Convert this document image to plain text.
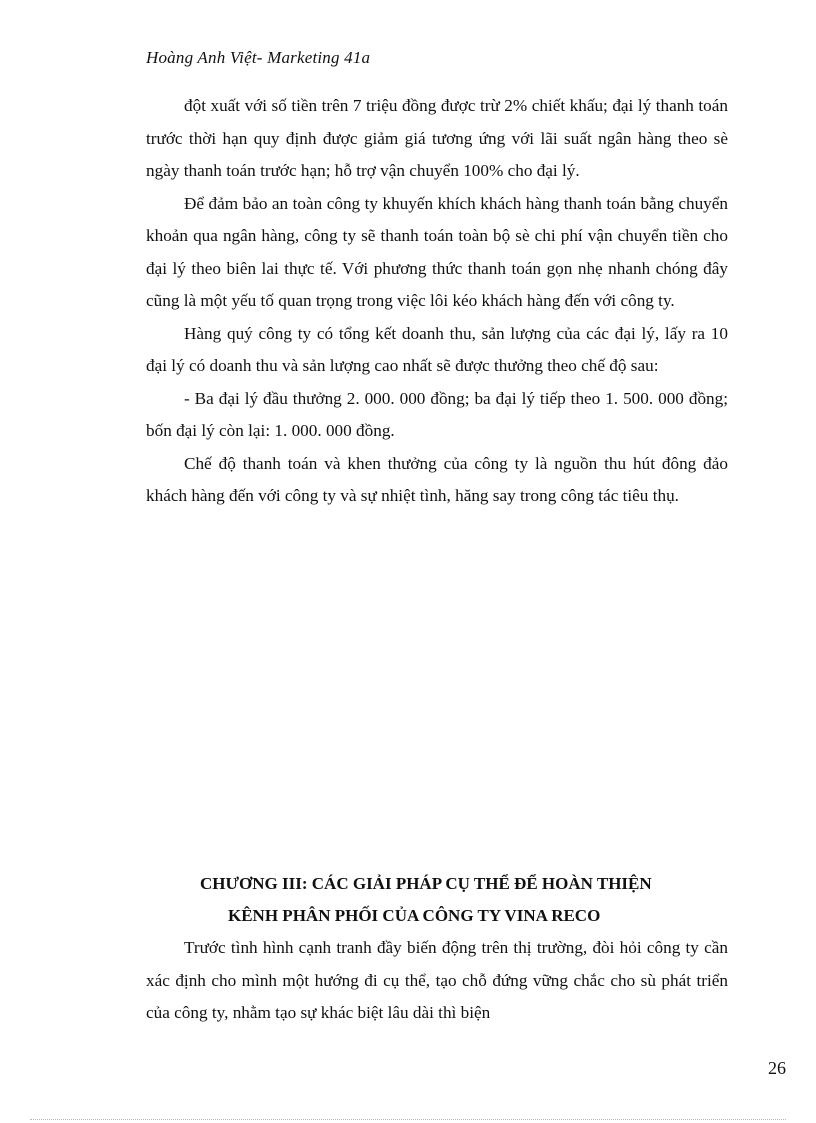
Hoàng Anh Việt- Marketing 41a

đột xuất với số tiền trên 7 triệu đồng được trừ 2% chiết khấu; đại lý thanh toán trước thời hạn quy định được giảm giá tương ứng với lãi suất ngân hàng theo sè ngày thanh toán trước hạn; hỗ trợ vận chuyển 100% cho đại lý.

Để đảm bảo an toàn công ty khuyến khích khách hàng thanh toán bằng chuyển khoản qua ngân hàng, công ty sẽ thanh toán toàn bộ sè chi phí vận chuyển tiền cho đại lý theo biên lai thực tế. Với phương thức thanh toán gọn nhẹ nhanh chóng đây cũng là một yếu tố quan trọng trong việc lôi kéo khách hàng đến với công ty.

Hàng quý công ty có tổng kết doanh thu, sản lượng của các đại lý, lấy ra 10 đại lý có doanh thu và sản lượng cao nhất sẽ được thưởng theo chế độ sau:

- Ba đại lý đầu thưởng 2. 000. 000 đồng; ba đại lý tiếp theo 1. 500. 000 đồng; bốn đại lý còn lại: 1. 000. 000 đồng.

Chế độ thanh toán và khen thưởng của công ty là nguồn thu hút đông đảo khách hàng đến với công ty và sự nhiệt tình, hăng say trong công tác tiêu thụ.

CHƯƠNG III: CÁC GIẢI PHÁP CỤ THỂ ĐỂ HOÀN THIỆN
KÊNH PHÂN PHỐI CỦA CÔNG TY VINA RECO

Trước tình hình cạnh tranh đầy biến động trên thị trường, đòi hỏi công ty cần xác định cho mình một hướng đi cụ thể, tạo chỗ đứng vững chắc cho sù phát triển của công ty, nhằm tạo sự khác biệt lâu dài thì biện

26
